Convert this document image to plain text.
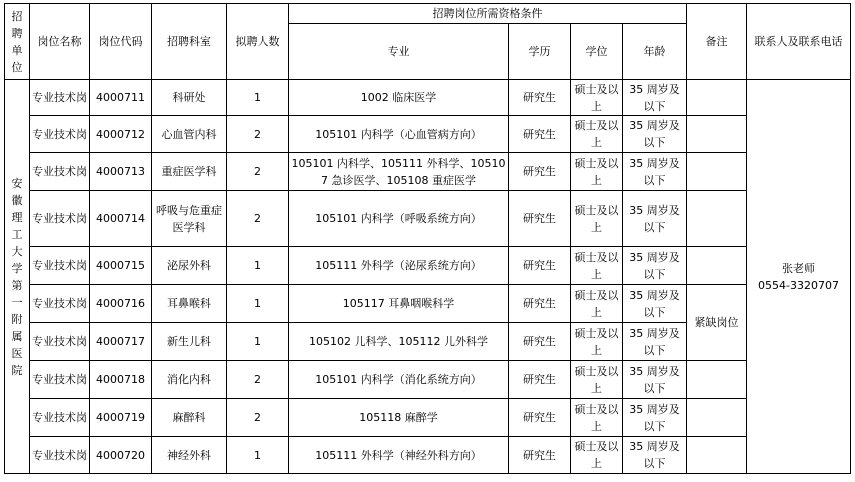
招聘单位	岗位名称	岗位代码	招聘科室	拟聘人数	招聘岗位所需资格条件				备注	联系人及联系电话
					专业	学历	学位	年龄		
安徽理工大学第一附属医院	专业技术岗	4000711	科研处	1	1002 临床医学	研究生	硕士及以上	35 周岁及以下		张老师
0554-3320707

	专业技术岗	4000712	心血管内科	2	105101 内科学（心血管病方向）	研究生	硕士及以上	35 周岁及以下		
	专业技术岗	4000713	重症医学科	2	105101 内科学、105111 外科学、105107 急诊医学、105108 重症医学	研究生	硕士及以上	35 周岁及以下		
	专业技术岗	4000714	呼吸与危重症医学科	2	105101 内科学（呼吸系统方向）	研究生	硕士及以上	35 周岁及以下		
	专业技术岗	4000715	泌尿外科	1	105111 外科学（泌尿系统方向）	研究生	硕士及以上	35 周岁及以下		
	专业技术岗	4000716	耳鼻喉科	1	105117 耳鼻咽喉科学	研究生	硕士及以上	35 周岁及以下	紧缺岗位	
	专业技术岗	4000717	新生儿科	1	105102 儿科学、105112 儿外科学	研究生	硕士及以上	35 周岁及以下		
	专业技术岗	4000718	消化内科	2	105101 内科学（消化系统方向）	研究生	硕士及以上	35 周岁及以下		
	专业技术岗	4000719	麻醉科	2	105118 麻醉学	研究生	硕士及以上	35 周岁及以下		
	专业技术岗	4000720	神经外科	1	105111 外科学（神经外科方向）	研究生	硕士及以上	35 周岁及以下		
